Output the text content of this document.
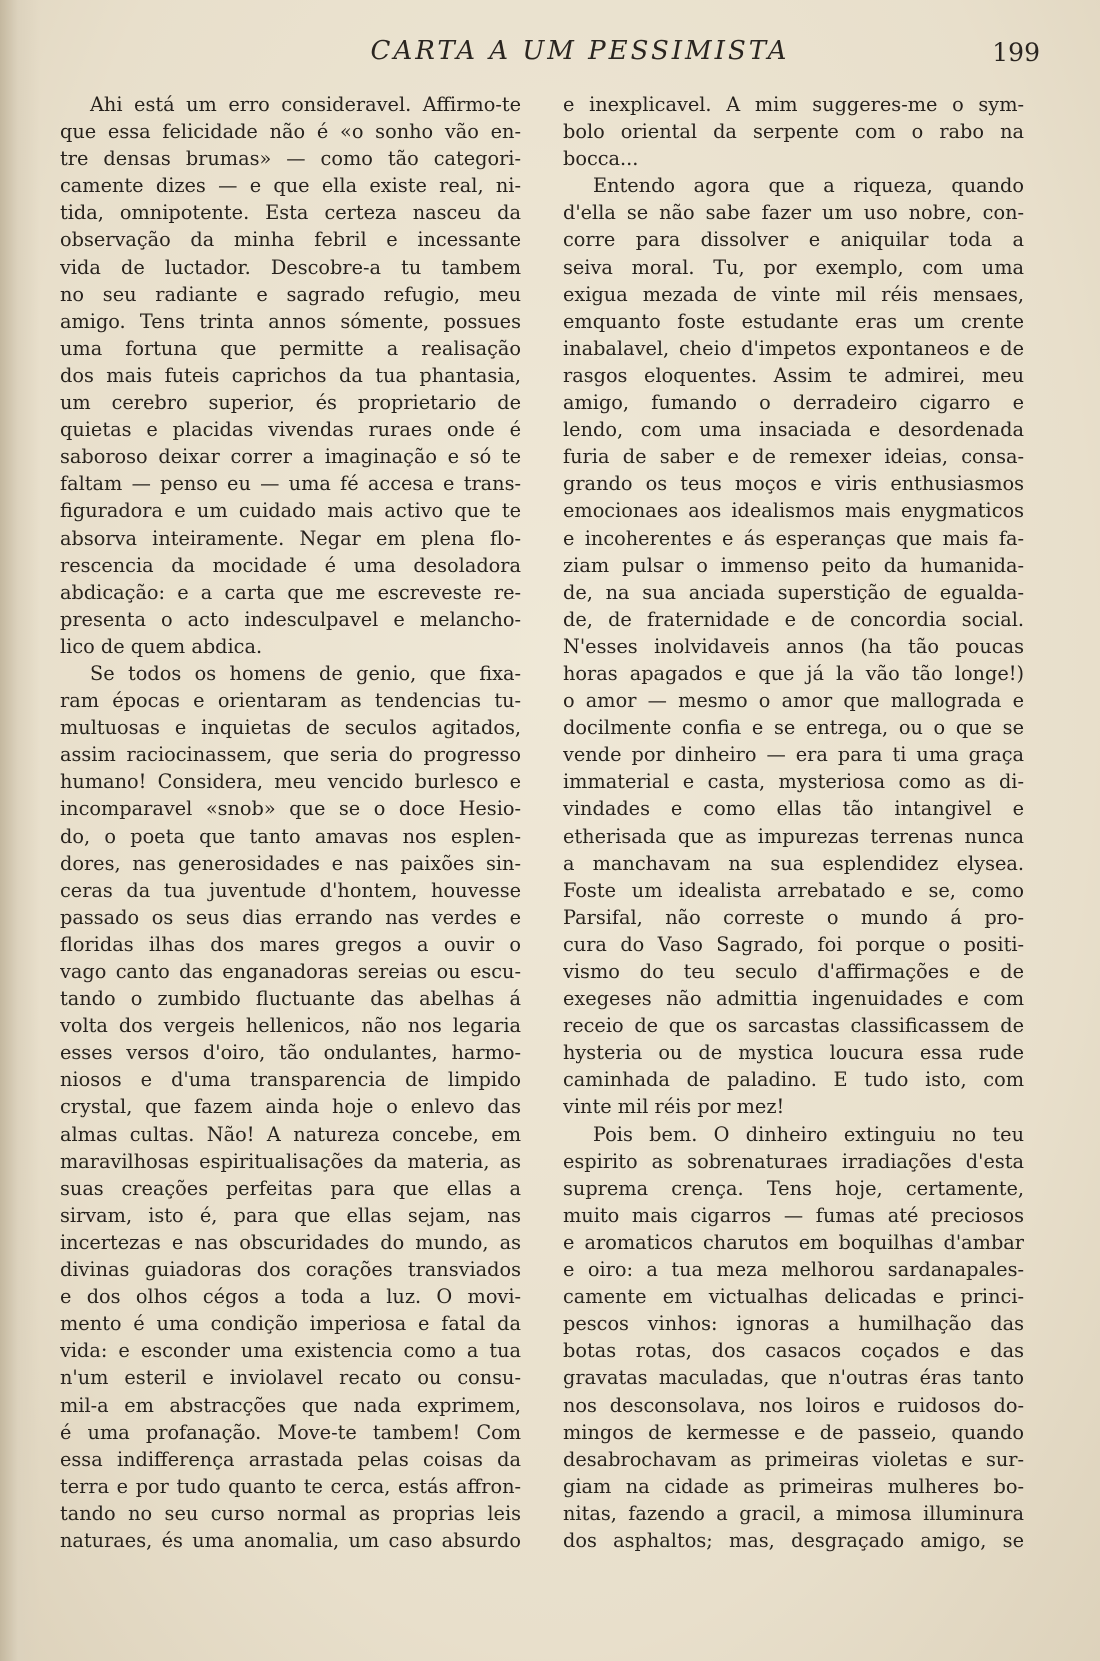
CARTA A UM PESSIMISTA	199
Ahi está um erro consideravel. Affirmo-te
que essa felicidade não é «o sonho vão en-
tre densas brumas» — como tão categori-
camente dizes — e que ella existe real, ni-
tida, omnipotente. Esta certeza nasceu da
observação da minha febril e incessante
vida de luctador. Descobre-a tu tambem
no seu radiante e sagrado refugio, meu
amigo. Tens trinta annos sómente, possues
uma fortuna que permitte a realisação
dos mais futeis caprichos da tua phantasia,
um cerebro superior, és proprietario de
quietas e placidas vivendas ruraes onde é
saboroso deixar correr a imaginação e só te
faltam — penso eu — uma fé accesa e trans-
figuradora e um cuidado mais activo que te
absorva inteiramente. Negar em plena flo-
rescencia da mocidade é uma desoladora
abdicação: e a carta que me escreveste re-
presenta o acto indesculpavel e melancho-
lico de quem abdica.
Se todos os homens de genio, que fixa-
ram épocas e orientaram as tendencias tu-
multuosas e inquietas de seculos agitados,
assim raciocinassem, que seria do progresso
humano! Considera, meu vencido burlesco e
incomparavel «snob» que se o doce Hesio-
do, o poeta que tanto amavas nos esplen-
dores, nas generosidades e nas paixões sin-
ceras da tua juventude d'hontem, houvesse
passado os seus dias errando nas verdes e
floridas ilhas dos mares gregos a ouvir o
vago canto das enganadoras sereias ou escu-
tando o zumbido fluctuante das abelhas á
volta dos vergeis hellenicos, não nos legaria
esses versos d'oiro, tão ondulantes, harmo-
niosos e d'uma transparencia de limpido
crystal, que fazem ainda hoje o enlevo das
almas cultas. Não! A natureza concebe, em
maravilhosas espiritualisações da materia, as
suas creações perfeitas para que ellas a
sirvam, isto é, para que ellas sejam, nas
incertezas e nas obscuridades do mundo, as
divinas guiadoras dos corações transviados
e dos olhos cégos a toda a luz. O movi-
mento é uma condição imperiosa e fatal da
vida: e esconder uma existencia como a tua
n'um esteril e inviolavel recato ou consu-
mil-a em abstracções que nada exprimem,
é uma profanação. Move-te tambem! Com
essa indifferença arrastada pelas coisas da
terra e por tudo quanto te cerca, estás affron-
tando no seu curso normal as proprias leis
naturaes, és uma anomalia, um caso absurdo
e inexplicavel. A mim suggeres-me o sym-
bolo oriental da serpente com o rabo na
bocca...
Entendo agora que a riqueza, quando
d'ella se não sabe fazer um uso nobre, con-
corre para dissolver e aniquilar toda a
seiva moral. Tu, por exemplo, com uma
exigua mezada de vinte mil réis mensaes,
emquanto foste estudante eras um crente
inabalavel, cheio d'impetos expontaneos e de
rasgos eloquentes. Assim te admirei, meu
amigo, fumando o derradeiro cigarro e
lendo, com uma insaciada e desordenada
furia de saber e de remexer ideias, consa-
grando os teus moços e viris enthusiasmos
emocionaes aos idealismos mais enygmaticos
e incoherentes e ás esperanças que mais fa-
ziam pulsar o immenso peito da humanida-
de, na sua anciada superstição de egualda-
de, de fraternidade e de concordia social.
N'esses inolvidaveis annos (ha tão poucas
horas apagados e que já la vão tão longe!)
o amor — mesmo o amor que mallograda e
docilmente confia e se entrega, ou o que se
vende por dinheiro — era para ti uma graça
immaterial e casta, mysteriosa como as di-
vindades e como ellas tão intangivel e
etherisada que as impurezas terrenas nunca
a manchavam na sua esplendidez elysea.
Foste um idealista arrebatado e se, como
Parsifal, não correste o mundo á pro-
cura do Vaso Sagrado, foi porque o positi-
vismo do teu seculo d'affirmações e de
exegeses não admittia ingenuidades e com
receio de que os sarcastas classificassem de
hysteria ou de mystica loucura essa rude
caminhada de paladino. E tudo isto, com
vinte mil réis por mez!
Pois bem. O dinheiro extinguiu no teu
espirito as sobrenaturaes irradiações d'esta
suprema crença. Tens hoje, certamente,
muito mais cigarros — fumas até preciosos
e aromaticos charutos em boquilhas d'ambar
e oiro: a tua meza melhorou sardanapales-
camente em victualhas delicadas e princi-
pescos vinhos: ignoras a humilhação das
botas rotas, dos casacos coçados e das
gravatas maculadas, que n'outras éras tanto
nos desconsolava, nos loiros e ruidosos do-
mingos de kermesse e de passeio, quando
desabrochavam as primeiras violetas e sur-
giam na cidade as primeiras mulheres bo-
nitas, fazendo a gracil, a mimosa illuminura
dos asphaltos; mas, desgraçado amigo, se
